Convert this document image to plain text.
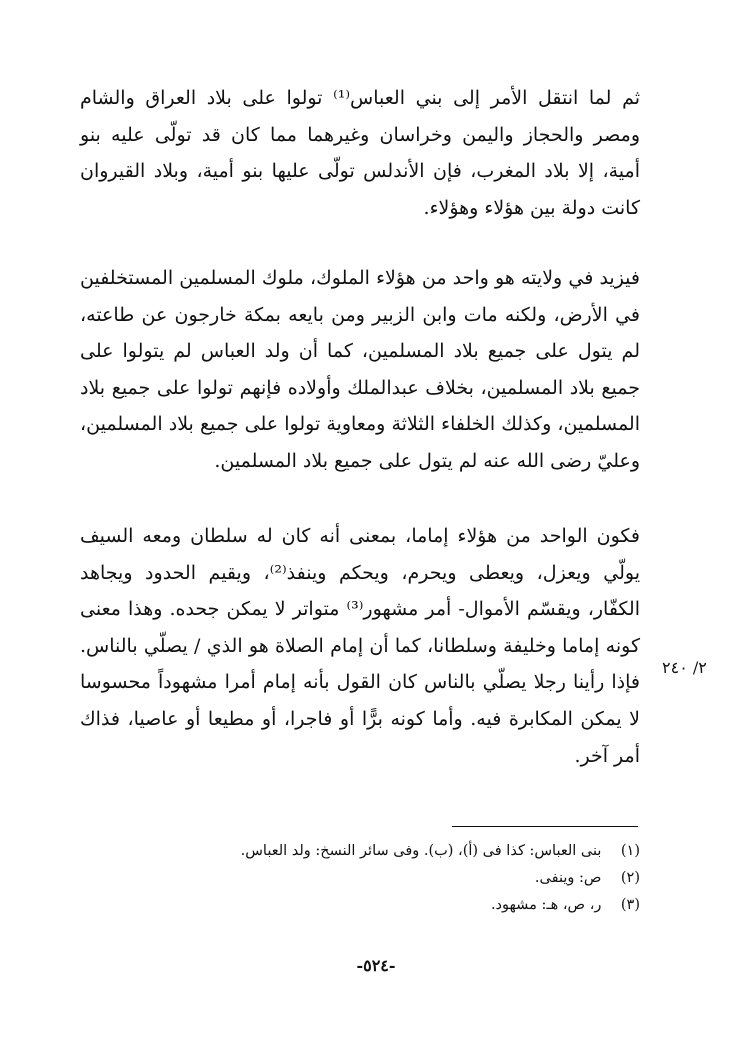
ثم لما انتقل الأمر إلى بني العباس⁽¹⁾ تولوا على بلاد العراق والشام ومصر والحجاز واليمن وخراسان وغيرهما مما كان قد تولّى عليه بنو أمية، إلا بلاد المغرب، فإن الأندلس تولّى عليها بنو أمية، وبلاد القيروان كانت دولة بين هؤلاء وهؤلاء.

فيزيد في ولايته هو واحد من هؤلاء الملوك، ملوك المسلمين المستخلفين في الأرض، ولكنه مات وابن الزبير ومن بايعه بمكة خارجون عن طاعته، لم يتول على جميع بلاد المسلمين، كما أن ولد العباس لم يتولوا على جميع بلاد المسلمين، بخلاف عبدالملك وأولاده فإنهم تولوا على جميع بلاد المسلمين، وكذلك الخلفاء الثلاثة ومعاوية تولوا على جميع بلاد المسلمين، وعليّ رضى الله عنه لم يتول على جميع بلاد المسلمين.

فكون الواحد من هؤلاء إماما، بمعنى أنه كان له سلطان ومعه السيف يولّي ويعزل، ويعطى ويحرم، ويحكم وينفذ⁽²⁾، ويقيم الحدود ويجاهد الكفّار، ويقسّم الأموال- أمر مشهور⁽³⁾ متواتر لا يمكن جحده. وهذا معنى كونه إماما وخليفة وسلطانا، كما أن إمام الصلاة هو الذي / يصلّي بالناس. فإذا رأينا رجلا يصلّي بالناس كان القول بأنه إمام أمرا مشهوداً محسوسا لا يمكن المكابرة فيه. وأما كونه برًّا أو فاجرا، أو مطيعا أو عاصيا، فذاك أمر آخر.

٢/ ٢٤٠
(١) بنى العباس: كذا فى (أ)، (ب). وفى سائر النسخ: ولد العباس.
(٢) ص: وينفى.
(٣) ر، ص، هـ: مشهود.
-٥٢٤-
